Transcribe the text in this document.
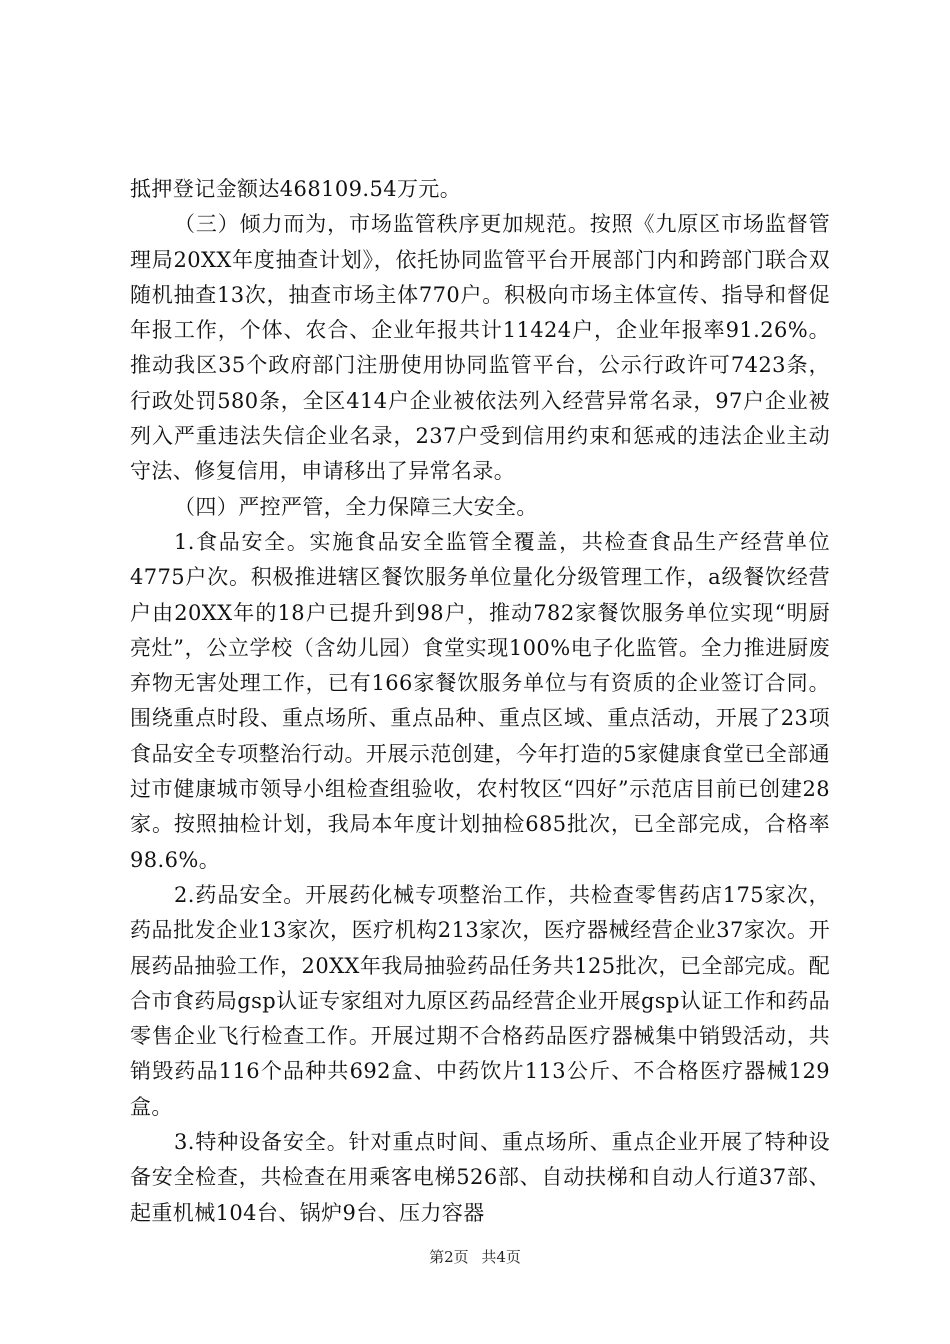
抵押登记金额达468109.54万元。

（三）倾力而为，市场监管秩序更加规范。按照《九原区市场监督管理局20XX年度抽查计划》，依托协同监管平台开展部门内和跨部门联合双随机抽查13次，抽查市场主体770户。积极向市场主体宣传、指导和督促年报工作，个体、农合、企业年报共计11424户，企业年报率91.26%。推动我区35个政府部门注册使用协同监管平台，公示行政许可7423条，行政处罚580条，全区414户企业被依法列入经营异常名录，97户企业被列入严重违法失信企业名录，237户受到信用约束和惩戒的违法企业主动守法、修复信用，申请移出了异常名录。

（四）严控严管，全力保障三大安全。

1.食品安全。实施食品安全监管全覆盖，共检查食品生产经营单位4775户次。积极推进辖区餐饮服务单位量化分级管理工作，a级餐饮经营户由20XX年的18户已提升到98户，推动782家餐饮服务单位实现“明厨亮灶”，公立学校（含幼儿园）食堂实现100%电子化监管。全力推进厨废弃物无害处理工作，已有166家餐饮服务单位与有资质的企业签订合同。围绕重点时段、重点场所、重点品种、重点区域、重点活动，开展了23项食品安全专项整治行动。开展示范创建，今年打造的5家健康食堂已全部通过市健康城市领导小组检查组验收，农村牧区“四好”示范店目前已创建28家。按照抽检计划，我局本年度计划抽检685批次，已全部完成，合格率98.6%。

2.药品安全。开展药化械专项整治工作，共检查零售药店175家次，药品批发企业13家次，医疗机构213家次，医疗器械经营企业37家次。开展药品抽验工作，20XX年我局抽验药品任务共125批次，已全部完成。配合市食药局gsp认证专家组对九原区药品经营企业开展gsp认证工作和药品零售企业飞行检查工作。开展过期不合格药品医疗器械集中销毁活动，共销毁药品116个品种共692盒、中药饮片113公斤、不合格医疗器械129盒。

3.特种设备安全。针对重点时间、重点场所、重点企业开展了特种设备安全检查，共检查在用乘客电梯526部、自动扶梯和自动人行道37部、起重机械104台、锅炉9台、压力容器

第2页 共4页
